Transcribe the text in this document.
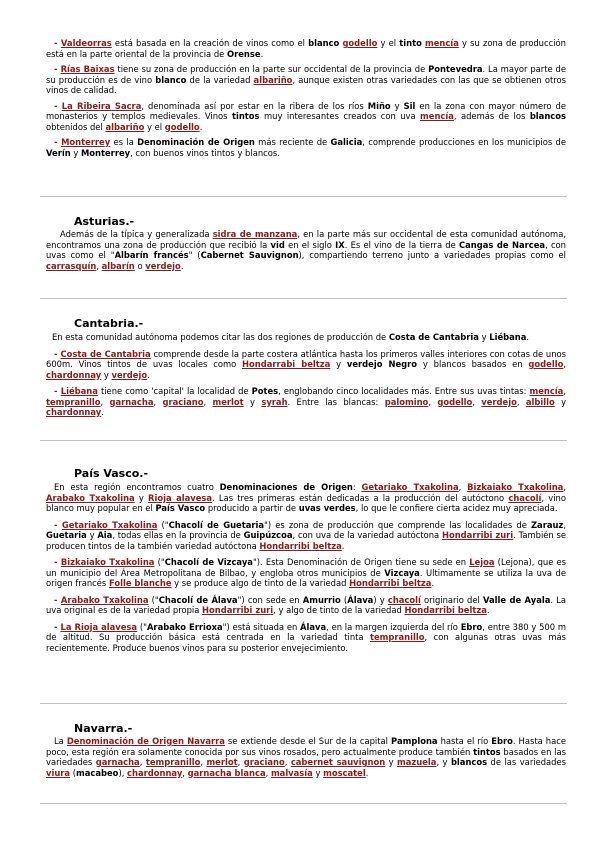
- Valdeorras está basada en la creación de vinos como el blanco godello y el tinto mencía y su zona de producción está en la parte oriental de la provincia de Orense.

- Rías Baixas tiene su zona de producción en la parte sur occidental de la provincia de Pontevedra. La mayor parte de su producción es de vino blanco de la variedad albariño, aunque existen otras variedades con las que se obtienen otros vinos de calidad.

- La Ribeira Sacra, denominada así por estar en la ribera de los ríos Miño y Sil en la zona con mayor número de monasterios y templos medievales. Vinos tintos muy interesantes creados con uva mencía, además de los blancos obtenidos del albariño y el godello.

- Monterrey es la Denominación de Origen más reciente de Galicia, comprende producciones en los municipios de Verín y Monterrey, con buenos vinos tintos y blancos.

Asturias.-

Además de la típica y generalizada sidra de manzana, en la parte más sur occidental de esta comunidad autónoma, encontramos una zona de producción que recibió la vid en el siglo IX. Es el vino de la tierra de Cangas de Narcea, con uvas como el "Albarín francés" (Cabernet Sauvignon), compartiendo terreno junto a variedades propias como el carrasquín, albarín o verdejo.

Cantabria.-

En esta comunidad autónoma podemos citar las dos regiones de producción de Costa de Cantabria y Liébana.

- Costa de Cantabria comprende desde la parte costera atlántica hasta los primeros valles interiores con cotas de unos 600m. Vinos tintos de uvas locales como Hondarrabi beltza y verdejo Negro y blancos basados en godello, chardonnay y verdejo.

- Liébana tiene como 'capital' la localidad de Potes, englobando cinco localidades más. Entre sus uvas tintas: mencía, tempranillo, garnacha, graciano, merlot y syrah. Entre las blancas: palomino, godello, verdejo, albillo y chardonnay.

País Vasco.-

En esta región encontramos cuatro Denominaciones de Origen: Getariako Txakolina, Bizkaiako Txakolina, Arabako Txakolina y Rioja alavesa. Las tres primeras están dedicadas a la producción del autóctono chacolí, vino blanco muy popular en el País Vasco producido a partir de uvas verdes, lo que le confiere cierta acidez muy apreciada.

- Getariako Txakolina ("Chacolí de Guetaria") es zona de producción que comprende las localidades de Zarauz, Guetaria y Aia, todas ellas en la provincia de Guipúzcoa, con uva de la variedad autóctona Hondarribi zuri. También se producen tintos de la también variedad autóctona Hondarribi beltza.

- Bizkaiako Txakolina ("Chacolí de Vizcaya"). Esta Denominación de Origen tiene su sede en Lejoa (Lejona), que es un municipio del Área Metropolitana de Bilbao, y engloba otros municipios de Vizcaya. Ultimamente se utiliza la uva de origen francés Folle blanche y se produce algo de tinto de la variedad Hondarribi beltza.

- Arabako Txakolina ("Chacolí de Álava") con sede en Amurrio (Álava) y chacolí originario del Valle de Ayala. La uva original es de la variedad propia Hondarribi zuri, y algo de tinto de la variedad Hondarribi beltza.

- La Rioja alavesa ("Arabako Errioxa") está situada en Álava, en la margen izquierda del río Ebro, entre 380 y 500 m de altitud. Su producción básica está centrada en la variedad tinta tempranillo, con algunas otras uvas más recientemente. Produce buenos vinos para su posterior envejecimiento.

Navarra.-

La Denominación de Origen Navarra se extiende desde el Sur de la capital Pamplona hasta el río Ebro. Hasta hace poco, esta región era solamente conocida por sus vinos rosados, pero actualmente produce también tintos basados en las variedades garnacha, tempranillo, merlot, graciano, cabernet sauvignon y mazuela, y blancos de las variedades viura (macabeo), chardonnay, garnacha blanca, malvasía y moscatel.
